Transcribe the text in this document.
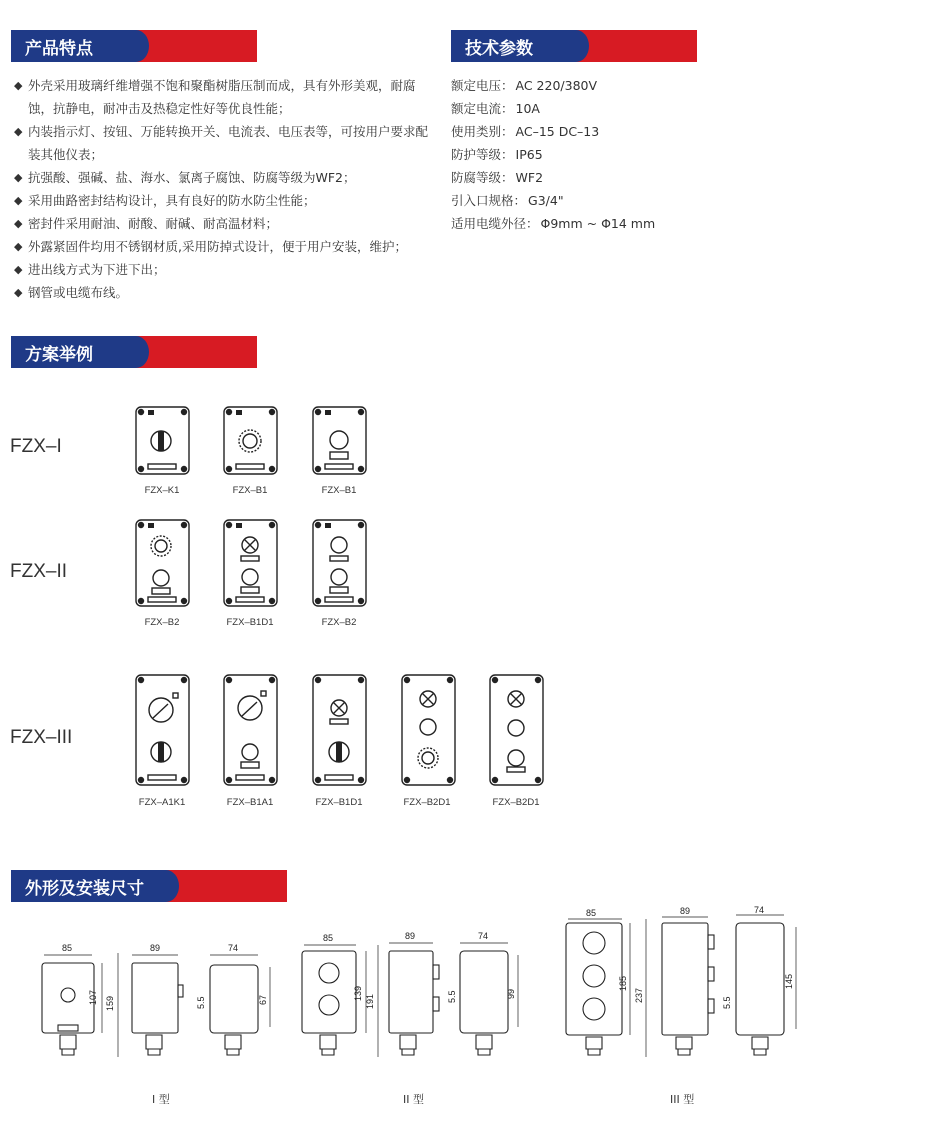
产品特点	技术参数
方案举例
外形及安装尺寸
◆ 外壳采用玻璃纤维增强不饱和聚酯树脂压制而成，具有外形美观，耐腐蚀，抗静电，耐冲击及热稳定性好等优良性能；
◆ 内装指示灯、按钮、万能转换开关、电流表、电压表等，可按用户要求配装其他仪表；
◆ 抗强酸、强碱、盐、海水、氯离子腐蚀、防腐等级为WF2；
◆ 采用曲路密封结构设计，具有良好的防水防尘性能；
◆ 密封件采用耐油、耐酸、耐碱、耐高温材料；
◆ 外露紧固件均用不锈钢材质,采用防掉式设计，便于用户安装，维护；
◆ 进出线方式为下进下出；
◆ 钢管或电缆布线。
额定电压： AC 220/380V
额定电流： 10A
使用类别： AC–15 DC–13
防护等级： IP65
防腐等级： WF2
引入口规格： G3/4"
适用电缆外径： Φ9mm ~ Φ14 mm
FZX–I
FZX–II
FZX–III
FZX–K1	FZX–B1	FZX–B1
FZX–B2	FZX–B1D1	FZX–B2
FZX–A1K1	FZX–B1A1	FZX–B1D1	FZX–B2D1	FZX–B2D1
85
107 159
89	74
5.5	67
85
139
191
89	74
5.5	99
85
185
237
89	74
5.5
145
I 型	II 型	III 型
